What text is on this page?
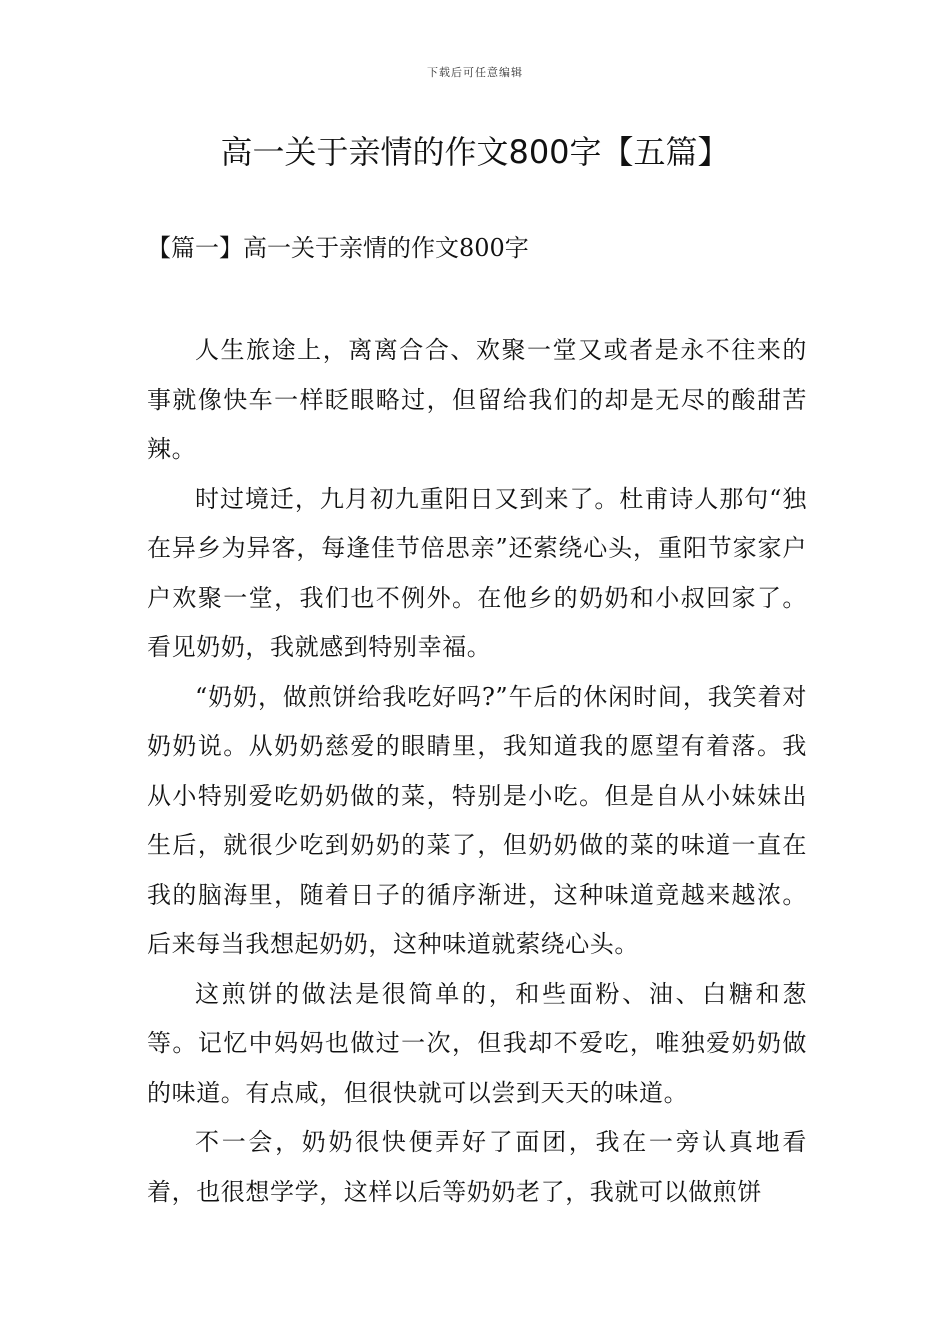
下载后可任意编辑
高一关于亲情的作文800字【五篇】
【篇一】高一关于亲情的作文800字

人生旅途上，离离合合、欢聚一堂又或者是永不往来的事就像快车一样眨眼略过，但留给我们的却是无尽的酸甜苦辣。

时过境迁，九月初九重阳日又到来了。杜甫诗人那句“独在异乡为异客，每逢佳节倍思亲”还萦绕心头，重阳节家家户户欢聚一堂，我们也不例外。在他乡的奶奶和小叔回家了。看见奶奶，我就感到特别幸福。

“奶奶，做煎饼给我吃好吗?”午后的休闲时间，我笑着对奶奶说。从奶奶慈爱的眼睛里，我知道我的愿望有着落。我从小特别爱吃奶奶做的菜，特别是小吃。但是自从小妹妹出生后，就很少吃到奶奶的菜了，但奶奶做的菜的味道一直在我的脑海里，随着日子的循序渐进，这种味道竟越来越浓。后来每当我想起奶奶，这种味道就萦绕心头。

这煎饼的做法是很简单的，和些面粉、油、白糖和葱等。记忆中妈妈也做过一次，但我却不爱吃，唯独爱奶奶做的味道。有点咸，但很快就可以尝到天天的味道。

不一会，奶奶很快便弄好了面团，我在一旁认真地看着，也很想学学，这样以后等奶奶老了，我就可以做煎饼
